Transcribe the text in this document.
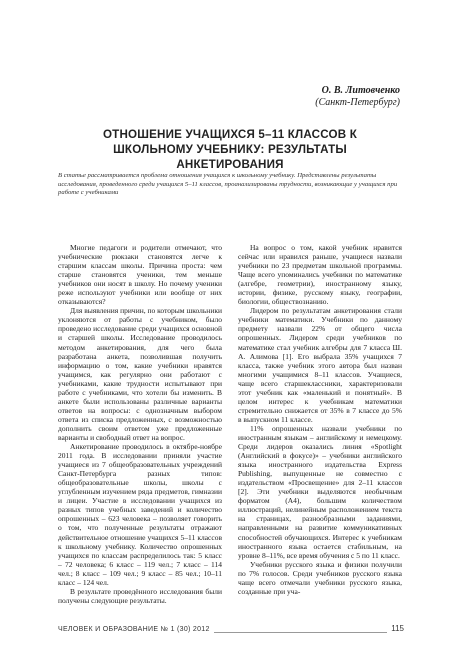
О. В. Литовченко
(Санкт-Петербург)
ОТНОШЕНИЕ УЧАЩИХСЯ 5–11 КЛАССОВ К ШКОЛЬНОМУ УЧЕБНИКУ: РЕЗУЛЬТАТЫ АНКЕТИРОВАНИЯ
В статье рассматривается проблема отношения учащихся к школьному учебнику. Представлены результаты исследования, проведенного среди учащихся 5–11 классов, проанализированы трудности, возникающие у учащихся при работе с учебниками

Многие педагоги и родители отмечают, что учебнические рюкзаки становятся легче к старшим классам школы. Причина проста: чем старше становятся ученики, тем меньше учебников они носят в школу. Но почему ученики реже используют учебники или вообще от них отказываются?

Для выявления причин, по которым школьники уклоняются от работы с учебником, было проведено исследование среди учащихся основной и старшей школы. Исследование проводилось методом анкетирования, для чего была разработана анкета, позволившая получить информацию о том, какие учебники нравятся учащимся, как регулярно они работают с учебниками, какие трудности испытывают при работе с учебниками, что хотели бы изменить. В анкете были использованы различные варианты ответов на вопросы: с однозначным выбором ответа из списка предложенных, с возможностью дополнить своим ответом уже предложенные варианты и свободный ответ на вопрос.

Анкетирование проводилось в октябре-ноябре 2011 года. В исследовании приняли участие учащиеся из 7 общеобразовательных учреждений Санкт-Петербурга разных типов: общеобразовательные школы, школы с углубленным изучением ряда предметов, гимназии и лицеи. Участие в исследовании учащихся из разных типов учебных заведений и количество опрошенных – 623 человека – позволяет говорить о том, что полученные результаты отражают действительное отношение учащихся 5–11 классов к школьному учебнику. Количество опрошенных учащихся по классам распределилось так: 5 класс – 72 человека; 6 класс – 119 чел.; 7 класс – 114 чел.; 8 класс – 109 чел.; 9 класс – 85 чел.; 10–11 класс – 124 чел.

В результате проведённого исследования были получены следующие результаты.

На вопрос о том, какой учебник нравится сейчас или нравился раньше, учащиеся назвали учебники по 23 предметам школьной программы. Чаще всего упоминались учебники по математике (алгебре, геометрии), иностранному языку, истории, физике, русскому языку, географии, биологии, обществознанию.

Лидером по результатам анкетирования стали учебники математики. Учебники по данному предмету назвали 22% от общего числа опрошенных. Лидером среди учебников по математике стал учебник алгебры для 7 класса Ш. А. Алимова [1]. Его выбрала 35% учащихся 7 класса, также учебник этого автора был назван многими учащимися 8–11 классов. Учащиеся, чаще всего старшеклассники, характеризовали этот учебник как «маленький и понятный». В целом интерес к учебникам математики стремительно снижается от 35% в 7 классе до 5% в выпускном 11 классе.

11% опрошенных назвали учебники по иностранным языкам – английскому и немецкому. Среди лидеров оказались линия «Spotlight (Английский в фокусе)» – учебники английского языка иностранного издательства Express Publishing, выпущенные не совместно с издательством «Просвещение» для 2–11 классов [2]. Эти учебники выделяются необычным форматом (А4), большим количеством иллюстраций, нелинейным расположением текста на страницах, разнообразными заданиями, направленными на развитие коммуникативных способностей обучающихся. Интерес к учебникам иностранного языка остается стабильным, на уровне 8–11%, все время обучения с 5 по 11 класс.

Учебники русского языка и физики получили по 7% голосов. Среди учебников русского языка чаще всего отмечали учебники русского языка, созданные при уча-

ЧЕЛОВЕК И ОБРАЗОВАНИЕ № 1 (30) 2012	115
